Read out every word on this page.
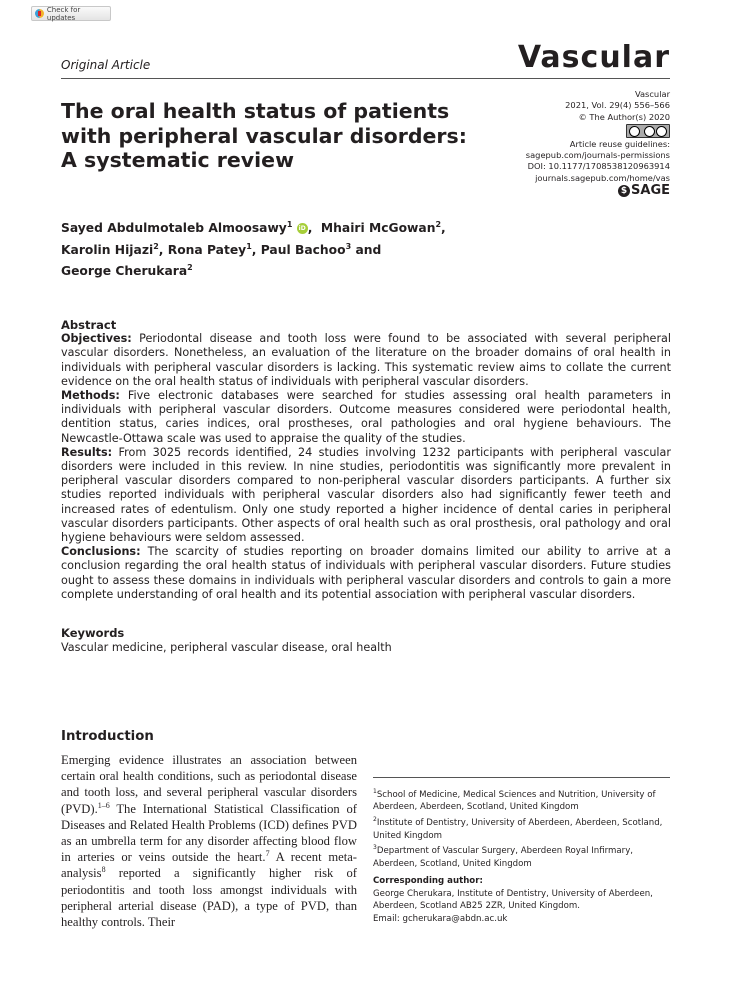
Check for updates
Original Article	Vascular
Vascular
2021, Vol. 29(4) 556–566
© The Author(s) 2020
Article reuse guidelines:
sagepub.com/journals-permissions
DOI: 10.1177/1708538120963914
journals.sagepub.com/home/vas
$ SAGE
The oral health status of patients with peripheral vascular disorders: A systematic review
Sayed Abdulmotaleb Almoosawy$^1$ iD , Mhairi McGowan$^2$,
Karolin Hijazi$^2$, Rona Patey$^1$, Paul Bachoo$^3$ and
George Cherukara$^2$
Abstract

Objectives: Periodontal disease and tooth loss were found to be associated with several peripheral vascular disorders. Nonetheless, an evaluation of the literature on the broader domains of oral health in individuals with peripheral vascular disorders is lacking. This systematic review aims to collate the current evidence on the oral health status of individuals with peripheral vascular disorders.

Methods: Five electronic databases were searched for studies assessing oral health parameters in individuals with peripheral vascular disorders. Outcome measures considered were periodontal health, dentition status, caries indices, oral prostheses, oral pathologies and oral hygiene behaviours. The Newcastle-Ottawa scale was used to appraise the quality of the studies.

Results: From 3025 records identified, 24 studies involving 1232 participants with peripheral vascular disorders were included in this review. In nine studies, periodontitis was significantly more prevalent in peripheral vascular disorders compared to non-peripheral vascular disorders participants. A further six studies reported individuals with peripheral vascular disorders also had significantly fewer teeth and increased rates of edentulism. Only one study reported a higher incidence of dental caries in peripheral vascular disorders participants. Other aspects of oral health such as oral prosthesis, oral pathology and oral hygiene behaviours were seldom assessed.

Conclusions: The scarcity of studies reporting on broader domains limited our ability to arrive at a conclusion regarding the oral health status of individuals with peripheral vascular disorders. Future studies ought to assess these domains in individuals with peripheral vascular disorders and controls to gain a more complete understanding of oral health and its potential association with peripheral vascular disorders.

Keywords
Vascular medicine, peripheral vascular disease, oral health
Introduction
Emerging evidence illustrates an association between certain oral health conditions, such as periodontal disease and tooth loss, and several peripheral vascular disorders (PVD).$^{1-6}$ The International Statistical Classification of Diseases and Related Health Problems (ICD) defines PVD as an umbrella term for any disorder affecting blood flow in arteries or veins outside the heart.$^7$ A recent meta-analysis$^8$ reported a significantly higher risk of periodontitis and tooth loss amongst individuals with peripheral arterial disease (PAD), a type of PVD, than healthy controls. Their
$^1$School of Medicine, Medical Sciences and Nutrition, University of Aberdeen, Aberdeen, Scotland, United Kingdom
$^2$Institute of Dentistry, University of Aberdeen, Aberdeen, Scotland, United Kingdom
$^3$Department of Vascular Surgery, Aberdeen Royal Infirmary, Aberdeen, Scotland, United Kingdom
Corresponding author:
George Cherukara, Institute of Dentistry, University of Aberdeen, Aberdeen, Scotland AB25 2ZR, United Kingdom.
Email: gcherukara@abdn.ac.uk
